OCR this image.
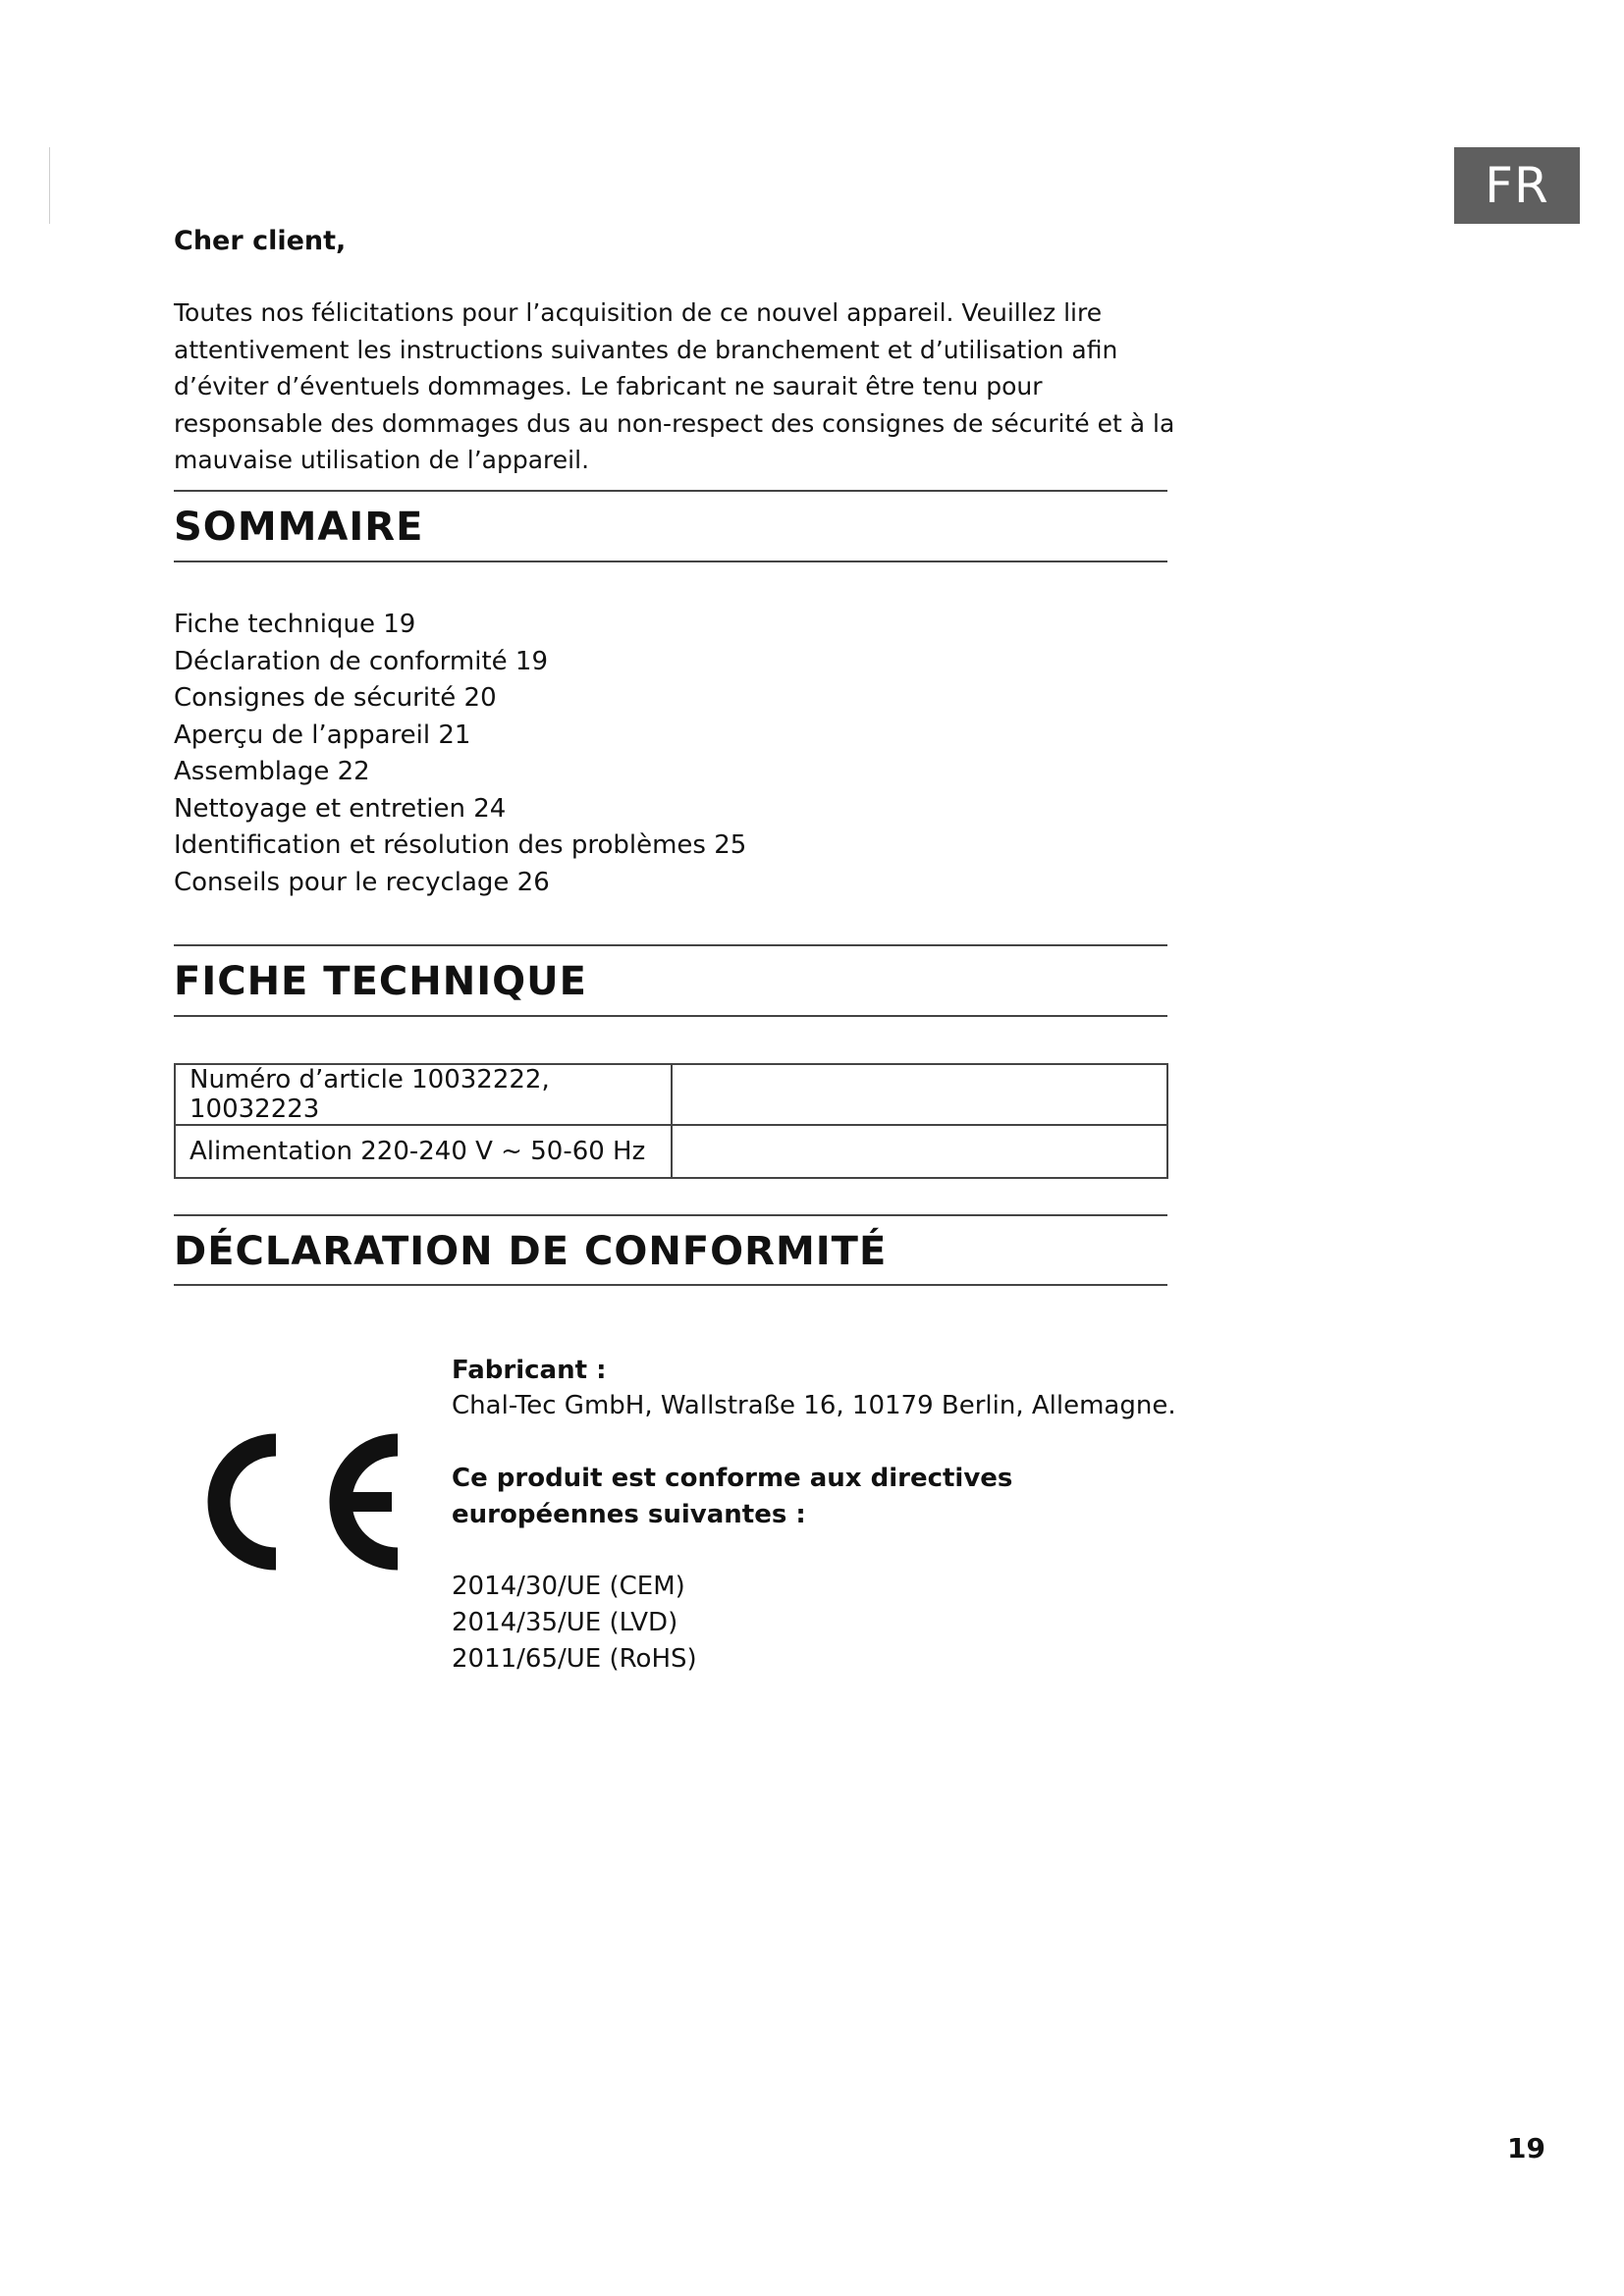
FR
Cher client,

Toutes nos félicitations pour l’acquisition de ce nouvel appareil. Veuillez lire attentivement les instructions suivantes de branchement et d’utilisation afin d’éviter d’éventuels dommages. Le fabricant ne saurait être tenu pour responsable des dommages dus au non-respect des consignes de sécurité et à la mauvaise utilisation de l’appareil.

SOMMAIRE
Fiche technique 19
Déclaration de conformité 19
Consignes de sécurité 20
Aperçu de l’appareil 21
Assemblage 22
Nettoyage et entretien 24
Identification et résolution des problèmes 25
Conseils pour le recyclage 26
FICHE TECHNIQUE
Numéro d’article 10032222, 10032223	
Alimentation 220-240 V ~ 50-60 Hz	
DÉCLARATION DE CONFORMITÉ
Fabricant :
Chal-Tec GmbH, Wallstraße 16, 10179 Berlin, Allemagne.
Ce produit est conforme aux directives européennes suivantes :
2014/30/UE (CEM)
2014/35/UE (LVD)
2011/65/UE (RoHS)
19
